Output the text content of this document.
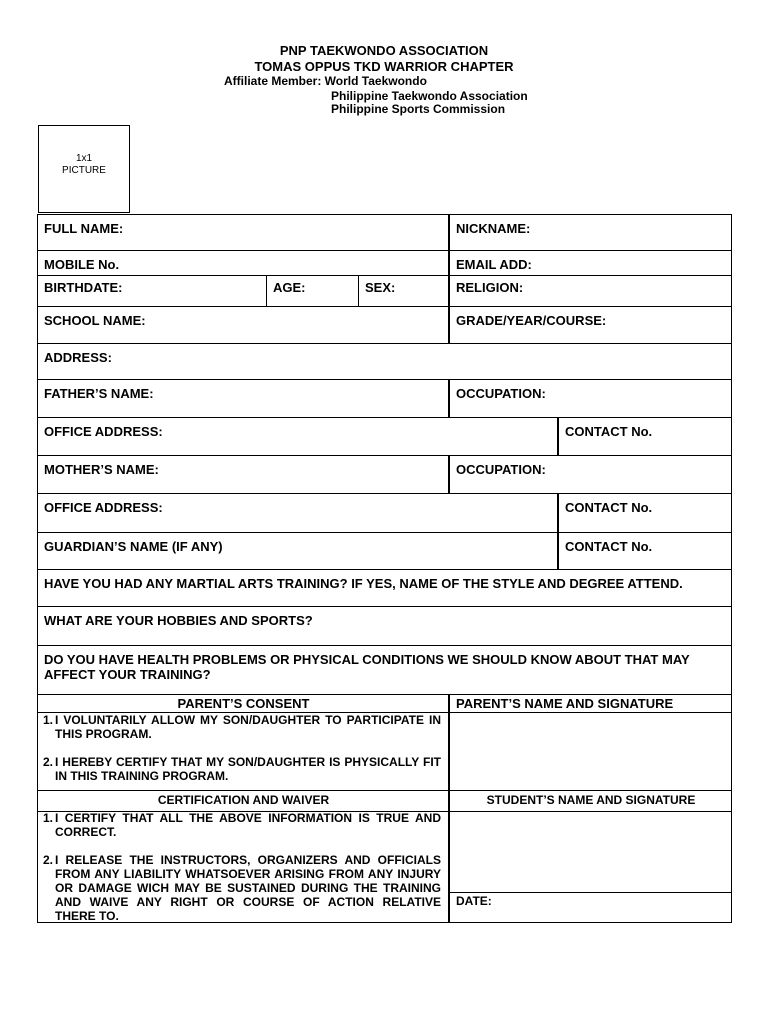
PNP TAEKWONDO ASSOCIATION
TOMAS OPPUS TKD WARRIOR CHAPTER
Affiliate Member: World Taekwondo
Philippine Taekwondo Association
Philippine Sports Commission
1x1
PICTURE
FULL NAME:	NICKNAME:
MOBILE No.	EMAIL ADD:
BIRTHDATE:	AGE:	SEX:	RELIGION:
SCHOOL NAME:	GRADE/YEAR/COURSE:
ADDRESS:
FATHER’S NAME:	OCCUPATION:
OFFICE ADDRESS:	CONTACT No.
MOTHER’S NAME:	OCCUPATION:
OFFICE ADDRESS:	CONTACT No.
GUARDIAN’S NAME (IF ANY)	CONTACT No.
HAVE YOU HAD ANY MARTIAL ARTS TRAINING? IF YES, NAME OF THE STYLE AND DEGREE ATTEND.
WHAT ARE YOUR HOBBIES AND SPORTS?
DO YOU HAVE HEALTH PROBLEMS OR PHYSICAL CONDITIONS WE SHOULD KNOW ABOUT THAT MAY AFFECT YOUR TRAINING?
PARENT’S CONSENT	PARENT’S NAME AND SIGNATURE
1. I VOLUNTARILY ALLOW MY SON/DAUGHTER TO PARTICIPATE IN THIS PROGRAM.
2. I HEREBY CERTIFY THAT MY SON/DAUGHTER IS PHYSICALLY FIT IN THIS TRAINING PROGRAM.
CERTIFICATION AND WAIVER	STUDENT’S NAME AND SIGNATURE
DATE:
1. I CERTIFY THAT ALL THE ABOVE INFORMATION IS TRUE AND CORRECT.
2. I RELEASE THE INSTRUCTORS, ORGANIZERS AND OFFICIALS FROM ANY LIABILITY WHATSOEVER ARISING FROM ANY INJURY OR DAMAGE WICH MAY BE SUSTAINED DURING THE TRAINING AND WAIVE ANY RIGHT OR COURSE OF ACTION RELATIVE THERE TO.
